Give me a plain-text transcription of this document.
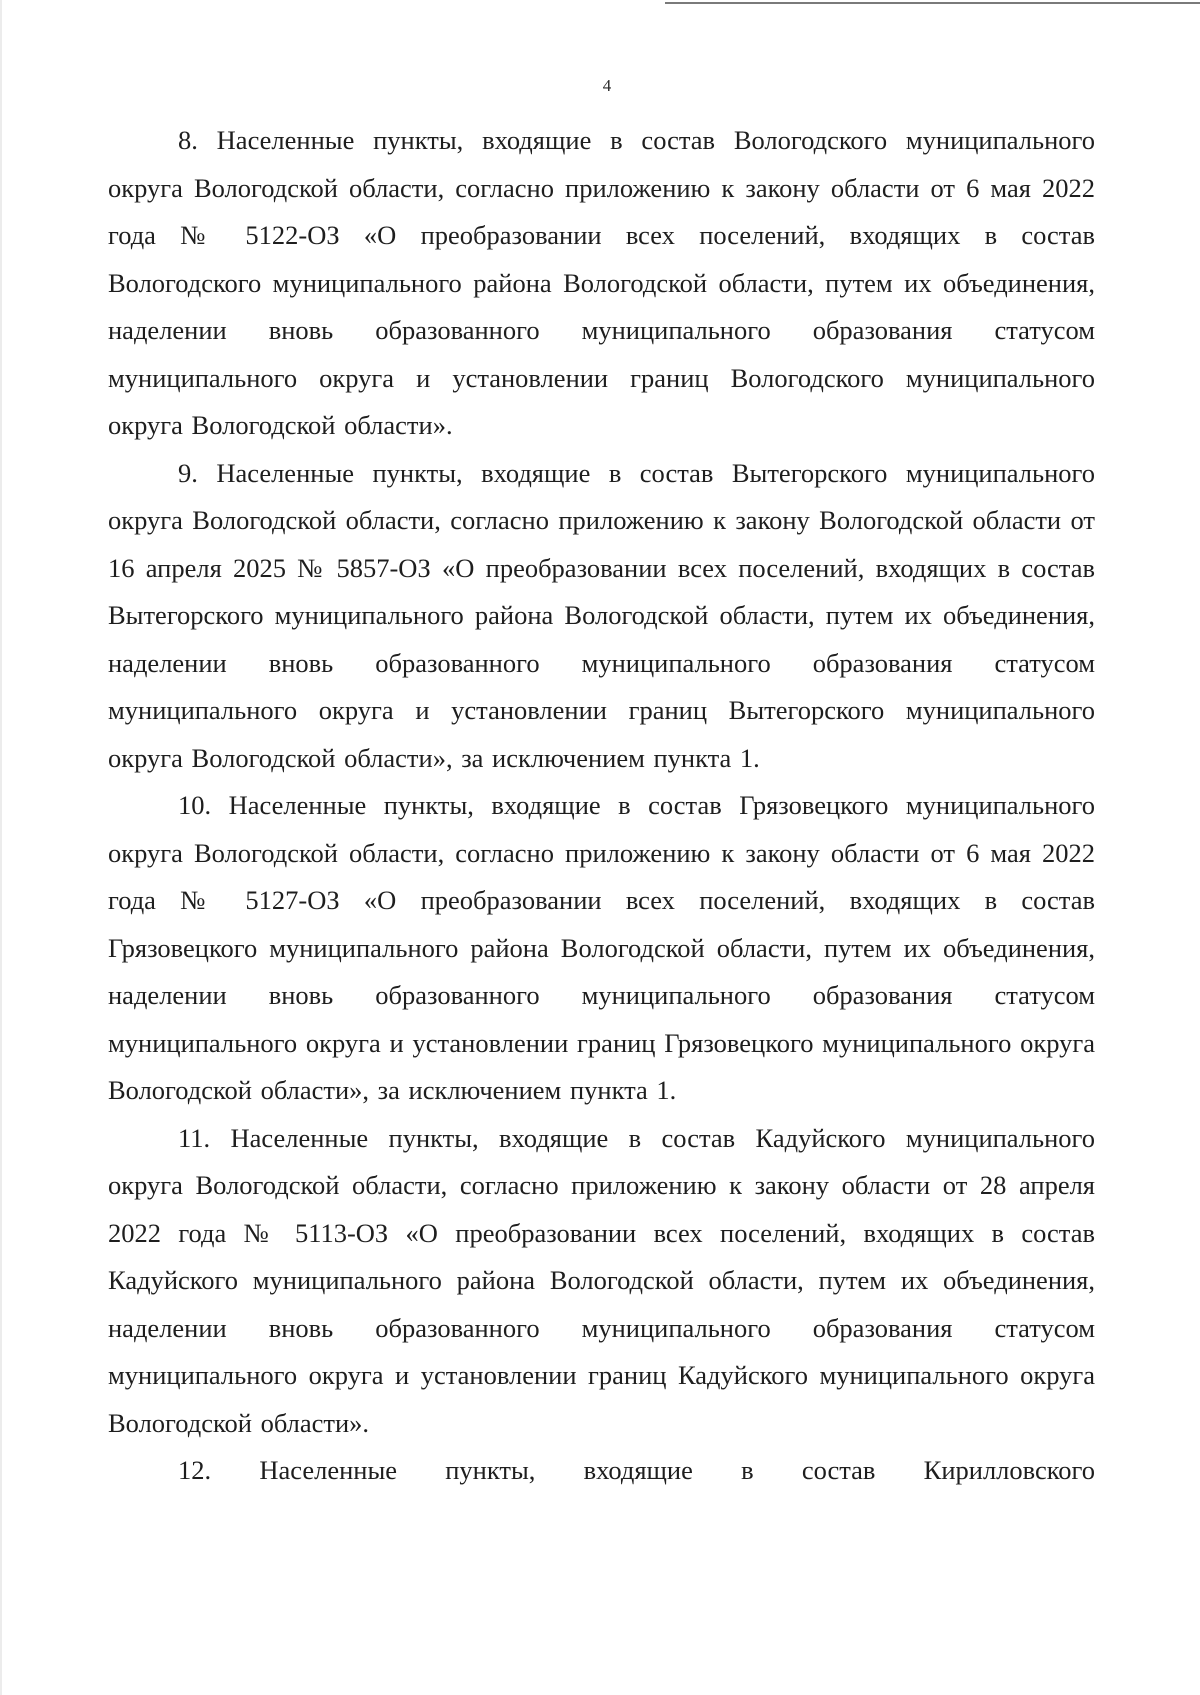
4

8. Населенные пункты, входящие в состав Вологодского муниципального округа Вологодской области, согласно приложению к закону области от 6 мая 2022 года № 5122-ОЗ «О преобразовании всех поселений, входящих в состав Вологодского муниципального района Вологодской области, путем их объединения, наделении вновь образованного муниципального образования статусом муниципального округа и установлении границ Вологодского муниципального округа Вологодской области».

9. Населенные пункты, входящие в состав Вытегорского муниципального округа Вологодской области, согласно приложению к закону Вологодской области от 16 апреля 2025 № 5857-ОЗ «О преобразовании всех поселений, входящих в состав Вытегорского муниципального района Вологодской области, путем их объединения, наделении вновь образованного муниципального образования статусом муниципального округа и установлении границ Вытегорского муниципального округа Вологодской области», за исключением пункта 1.

10. Населенные пункты, входящие в состав Грязовецкого муниципального округа Вологодской области, согласно приложению к закону области от 6 мая 2022 года № 5127-ОЗ «О преобразовании всех поселений, входящих в состав Грязовецкого муниципального района Вологодской области, путем их объединения, наделении вновь образованного муниципального образования статусом муниципального округа и установлении границ Грязовецкого муниципального округа Вологодской области», за исключением пункта 1.

11. Населенные пункты, входящие в состав Кадуйского муниципального округа Вологодской области, согласно приложению к закону области от 28 апреля 2022 года № 5113-ОЗ «О преобразовании всех поселений, входящих в состав Кадуйского муниципального района Вологодской области, путем их объединения, наделении вновь образованного муниципального образования статусом муниципального округа и установлении границ Кадуйского муниципального округа Вологодской области».

12. Населенные пункты, входящие в состав Кирилловского
